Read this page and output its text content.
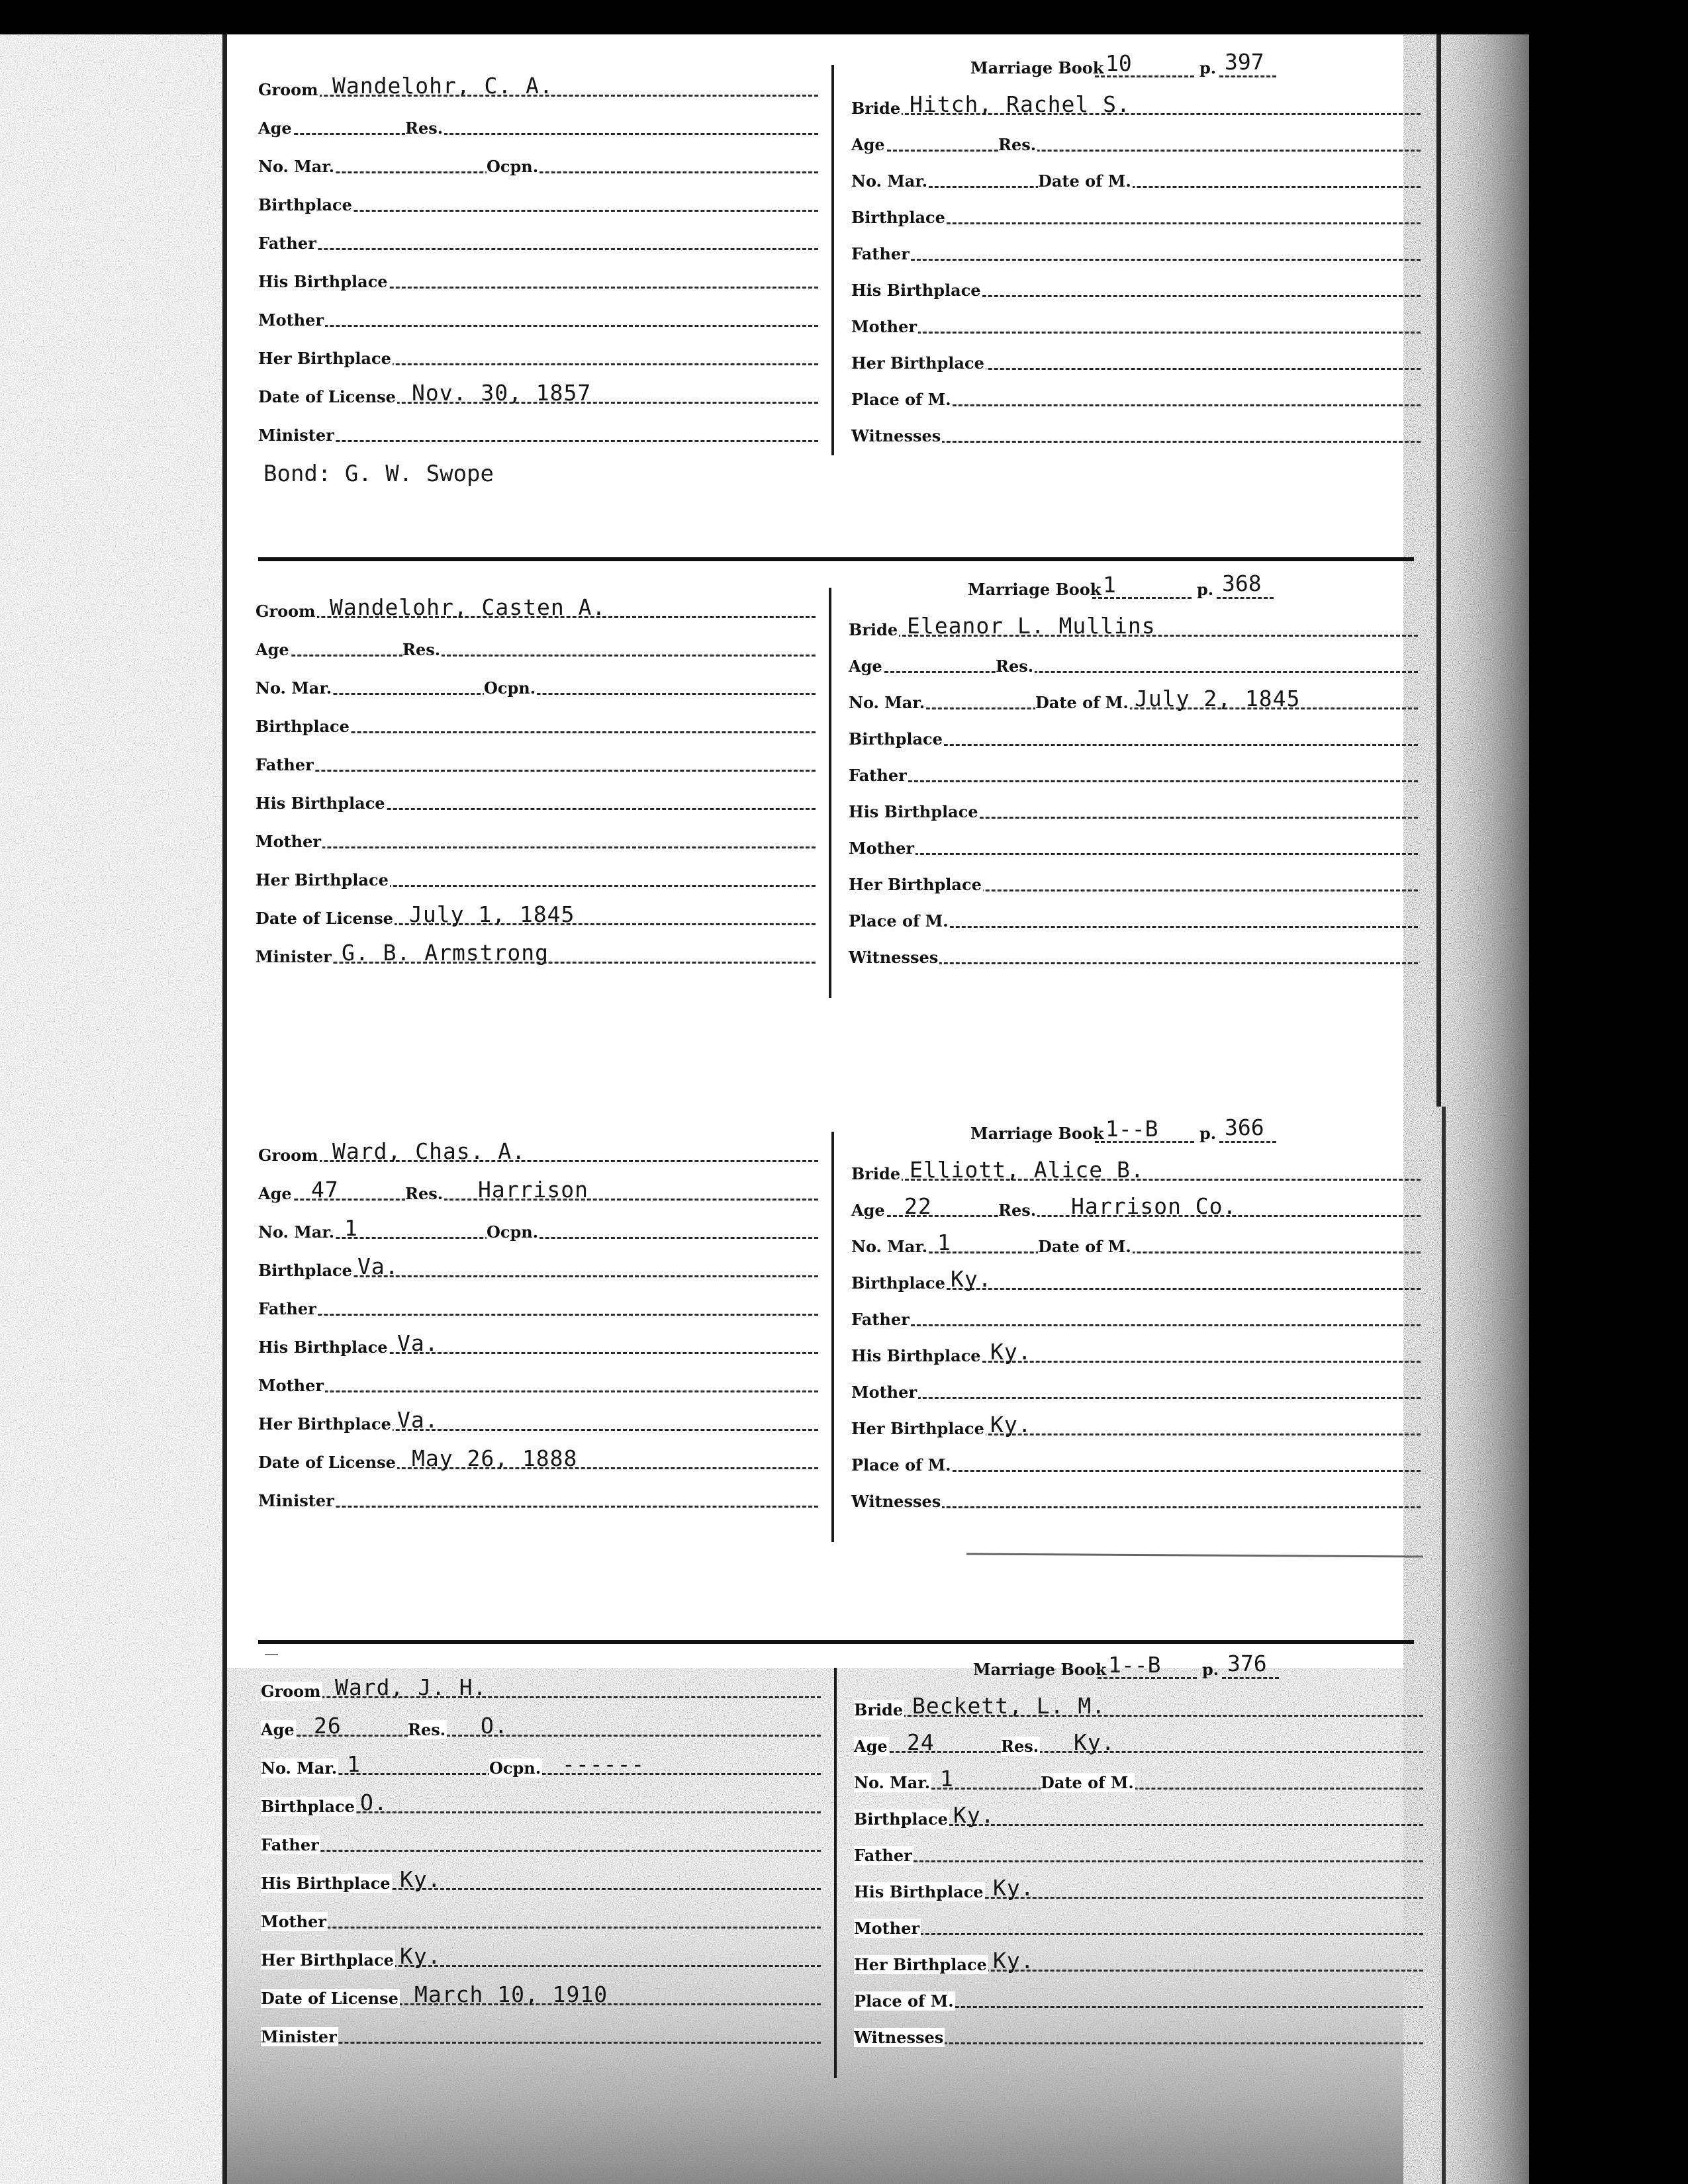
Groom Wandelohr, C. A.
Age	Res.
No. Mar.	Ocpn.
Birthplace
Father
His Birthplace
Mother
Her Birthplace
Date of License Nov. 30, 1857
Minister
Marriage Book 10	p. 397
Bride Hitch, Rachel S.
Age	Res.
No. Mar.	Date of M.
Birthplace
Father
His Birthplace
Mother
Her Birthplace
Place of M.
Witnesses
Bond: G. W. Swope
Groom Wandelohr, Casten A.
Age	Res.
No. Mar.	Ocpn.
Birthplace
Father
His Birthplace
Mother
Her Birthplace
Date of License July 1, 1845
Minister G. B. Armstrong
Marriage Book 1	p. 368
Bride Eleanor L. Mullins
Age	Res.
No. Mar.	Date of M. July 2, 1845
Birthplace
Father
His Birthplace
Mother
Her Birthplace
Place of M.
Witnesses
Groom Ward, Chas. A.
Age 47	Res. Harrison
No. Mar. 1	Ocpn.
Birthplace Va.
Father
His Birthplace Va.
Mother
Her Birthplace Va.
Date of License May 26, 1888
Minister
Marriage Book 1--B	p. 366
Bride Elliott, Alice B.
Age 22	Res. Harrison Co.
No. Mar. 1	Date of M.
Birthplace Ky.
Father
His Birthplace Ky.
Mother
Her Birthplace Ky.
Place of M.
Witnesses
Groom Ward, J. H.
Age 26	Res. O.
No. Mar. 1	Ocpn. ------
Birthplace O.
Father
His Birthplace Ky.
Mother
Her Birthplace Ky.
Date of License March 10, 1910
Minister
Marriage Book 1--B	p. 376
Bride Beckett, L. M.
Age 24	Res. Ky.
No. Mar. 1	Date of M.
Birthplace Ky.
Father
His Birthplace Ky.
Mother
Her Birthplace Ky.
Place of M.
Witnesses
